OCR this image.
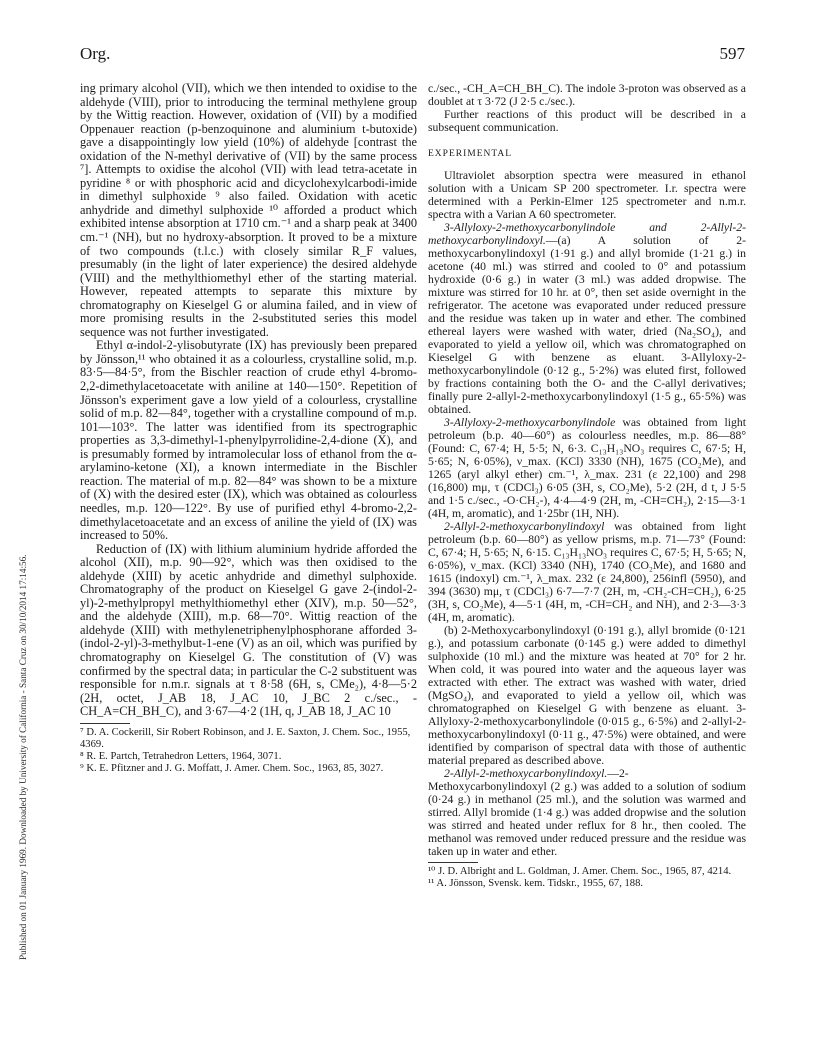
Org.	597
Published on 01 January 1969. Downloaded by University of California - Santa Cruz on 30/10/2014 17:14:56.

ing primary alcohol (VII), which we then intended to oxidise to the aldehyde (VIII), prior to introducing the terminal methylene group by the Wittig reaction. However, oxidation of (VII) by a modified Oppenauer reaction (p-benzoquinone and aluminium t-butoxide) gave a disappointingly low yield (10%) of aldehyde [contrast the oxidation of the N-methyl derivative of (VII) by the same process ⁷]. Attempts to oxidise the alcohol (VII) with lead tetra-acetate in pyridine ⁸ or with phosphoric acid and dicyclohexylcarbodi-imide in dimethyl sulphoxide ⁹ also failed. Oxidation with acetic anhydride and dimethyl sulphoxide ¹⁰ afforded a product which exhibited intense absorption at 1710 cm.⁻¹ and a sharp peak at 3400 cm.⁻¹ (NH), but no hydroxy-absorption. It proved to be a mixture of two compounds (t.l.c.) with closely similar R_F values, presumably (in the light of later experience) the desired aldehyde (VIII) and the methylthiomethyl ether of the starting material. However, repeated attempts to separate this mixture by chromatography on Kieselgel G or alumina failed, and in view of more promising results in the 2-substituted series this model sequence was not further investigated.

Ethyl α-indol-2-ylisobutyrate (IX) has previously been prepared by Jönsson,¹¹ who obtained it as a colourless, crystalline solid, m.p. 83·5—84·5°, from the Bischler reaction of crude ethyl 4-bromo-2,2-dimethylacetoacetate with aniline at 140—150°. Repetition of Jönsson's experiment gave a low yield of a colourless, crystalline solid of m.p. 82—84°, together with a crystalline compound of m.p. 101—103°. The latter was identified from its spectrographic properties as 3,3-dimethyl-1-phenylpyrrolidine-2,4-dione (X), and is presumably formed by intramolecular loss of ethanol from the α-arylamino-ketone (XI), a known intermediate in the Bischler reaction. The material of m.p. 82—84° was shown to be a mixture of (X) with the desired ester (IX), which was obtained as colourless needles, m.p. 120—122°. By use of purified ethyl 4-bromo-2,2-dimethylacetoacetate and an excess of aniline the yield of (IX) was increased to 50%.

Reduction of (IX) with lithium aluminium hydride afforded the alcohol (XII), m.p. 90—92°, which was then oxidised to the aldehyde (XIII) by acetic anhydride and dimethyl sulphoxide. Chromatography of the product on Kieselgel G gave 2-(indol-2-yl)-2-methylpropyl methylthiomethyl ether (XIV), m.p. 50—52°, and the aldehyde (XIII), m.p. 68—70°. Wittig reaction of the aldehyde (XIII) with methylenetriphenylphosphorane afforded 3-(indol-2-yl)-3-methylbut-1-ene (V) as an oil, which was purified by chromatography on Kieselgel G. The constitution of (V) was confirmed by the spectral data; in particular the C-2 substituent was responsible for n.m.r. signals at τ 8·58 (6H, s, CMe₂), 4·8—5·2 (2H, octet, J_AB 18, J_AC 10, J_BC 2 c./sec., -CH_A=CH_BH_C), and 3·67—4·2 (1H, q, J_AB 18, J_AC 10

⁷ D. A. Cockerill, Sir Robert Robinson, and J. E. Saxton, J. Chem. Soc., 1955, 4369.

⁸ R. E. Partch, Tetrahedron Letters, 1964, 3071.

⁹ K. E. Pfitzner and J. G. Moffatt, J. Amer. Chem. Soc., 1963, 85, 3027.

c./sec., -CH_A=CH_BH_C). The indole 3-proton was observed as a doublet at τ 3·72 (J 2·5 c./sec.).

Further reactions of this product will be described in a subsequent communication.

EXPERIMENTAL

Ultraviolet absorption spectra were measured in ethanol solution with a Unicam SP 200 spectrometer. I.r. spectra were determined with a Perkin-Elmer 125 spectrometer and n.m.r. spectra with a Varian A 60 spectrometer.

3-Allyloxy-2-methoxycarbonylindole and 2-Allyl-2-methoxycarbonylindoxyl.—(a) A solution of 2-methoxycarbonylindoxyl (1·91 g.) and allyl bromide (1·21 g.) in acetone (40 ml.) was stirred and cooled to 0° and potassium hydroxide (0·6 g.) in water (3 ml.) was added dropwise. The mixture was stirred for 10 hr. at 0°, then set aside overnight in the refrigerator. The acetone was evaporated under reduced pressure and the residue was taken up in water and ether. The combined ethereal layers were washed with water, dried (Na₂SO₄), and evaporated to yield a yellow oil, which was chromatographed on Kieselgel G with benzene as eluant. 3-Allyloxy-2-methoxycarbonylindole (0·12 g., 5·2%) was eluted first, followed by fractions containing both the O- and the C-allyl derivatives; finally pure 2-allyl-2-methoxycarbonylindoxyl (1·5 g., 65·5%) was obtained.

3-Allyloxy-2-methoxycarbonylindole was obtained from light petroleum (b.p. 40—60°) as colourless needles, m.p. 86—88° (Found: C, 67·4; H, 5·5; N, 6·3. C₁₃H₁₃NO₃ requires C, 67·5; H, 5·65; N, 6·05%), ν_max. (KCl) 3330 (NH), 1675 (CO₂Me), and 1265 (aryl alkyl ether) cm.⁻¹, λ_max. 231 (ε 22,100) and 298 (16,800) mμ, τ (CDCl₃) 6·05 (3H, s, CO₂Me), 5·2 (2H, d t, J 5·5 and 1·5 c./sec., -O·CH₂-), 4·4—4·9 (2H, m, -CH=CH₂), 2·15—3·1 (4H, m, aromatic), and 1·25br (1H, NH).

2-Allyl-2-methoxycarbonylindoxyl was obtained from light petroleum (b.p. 60—80°) as yellow prisms, m.p. 71—73° (Found: C, 67·4; H, 5·65; N, 6·15. C₁₃H₁₃NO₃ requires C, 67·5; H, 5·65; N, 6·05%), ν_max. (KCl) 3340 (NH), 1740 (CO₂Me), and 1680 and 1615 (indoxyl) cm.⁻¹, λ_max. 232 (ε 24,800), 256infl (5950), and 394 (3630) mμ, τ (CDCl₃) 6·7—7·7 (2H, m, -CH₂-CH=CH₂), 6·25 (3H, s, CO₂Me), 4—5·1 (4H, m, -CH=CH₂ and NH), and 2·3—3·3 (4H, m, aromatic).

(b) 2-Methoxycarbonylindoxyl (0·191 g.), allyl bromide (0·121 g.), and potassium carbonate (0·145 g.) were added to dimethyl sulphoxide (10 ml.) and the mixture was heated at 70° for 2 hr. When cold, it was poured into water and the aqueous layer was extracted with ether. The extract was washed with water, dried (MgSO₄), and evaporated to yield a yellow oil, which was chromatographed on Kieselgel G with benzene as eluant. 3-Allyloxy-2-methoxycarbonylindole (0·015 g., 6·5%) and 2-allyl-2-methoxycarbonylindoxyl (0·11 g., 47·5%) were obtained, and were identified by comparison of spectral data with those of authentic material prepared as described above.

2-Allyl-2-methoxycarbonylindoxyl.—2-Methoxycarbonylindoxyl (2 g.) was added to a solution of sodium (0·24 g.) in methanol (25 ml.), and the solution was warmed and stirred. Allyl bromide (1·4 g.) was added dropwise and the solution was stirred and heated under reflux for 8 hr., then cooled. The methanol was removed under reduced pressure and the residue was taken up in water and ether.

¹⁰ J. D. Albright and L. Goldman, J. Amer. Chem. Soc., 1965, 87, 4214.

¹¹ A. Jönsson, Svensk. kem. Tidskr., 1955, 67, 188.
